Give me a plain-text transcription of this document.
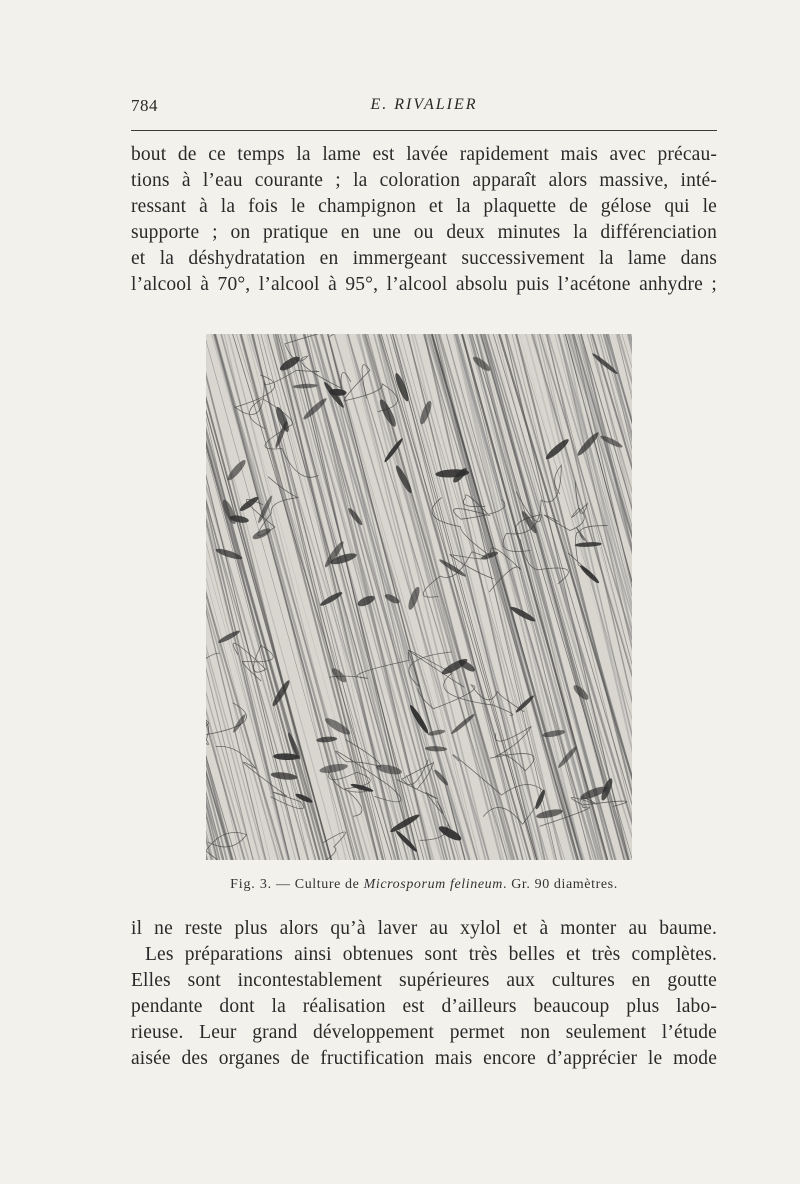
784	E. RIVALIER
bout de ce temps la lame est lavée rapidement mais avec précau-
tions à l’eau courante ; la coloration apparaît alors massive, inté-
ressant à la fois le champignon et la plaquette de gélose qui le
supporte ; on pratique en une ou deux minutes la différenciation
et la déshydratation en immergeant successivement la lame dans
l’alcool à 70°, l’alcool à 95°, l’alcool absolu puis l’acétone anhydre ;
Fig. 3. — Culture de Microsporum felineum. Gr. 90 diamètres.
il ne reste plus alors qu’à laver au xylol et à monter au baume.
Les préparations ainsi obtenues sont très belles et très complètes.
Elles sont incontestablement supérieures aux cultures en goutte
pendante dont la réalisation est d’ailleurs beaucoup plus labo-
rieuse. Leur grand développement permet non seulement l’étude
aisée des organes de fructification mais encore d’apprécier le mode
